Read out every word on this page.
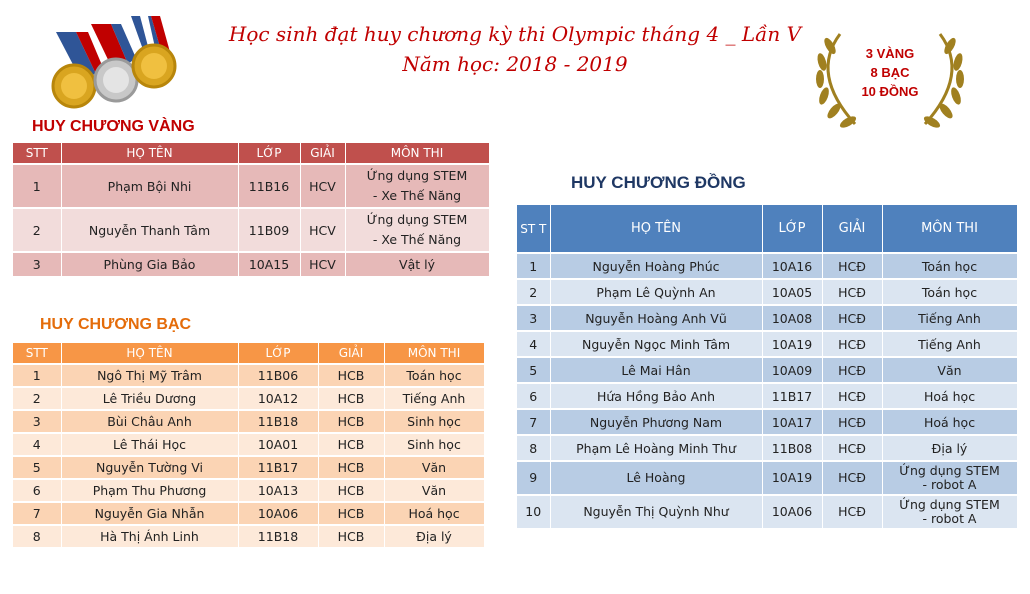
Học sinh đạt huy chương kỳ thi Olympic tháng 4 _ Lần V
Năm học: 2018 - 2019	3 VÀNG
8 BẠC
10 ĐỒNG
HUY CHƯƠNG VÀNG
STT	HỌ TÊN	LỚP	GIẢI	MÔN THI
1	Phạm Bội Nhi	11B16	HCV	Ứng dụng STEM
- Xe Thế Năng

2	Nguyễn Thanh Tâm	11B09	HCV	Ứng dụng STEM
- Xe Thế Năng

3	Phùng Gia Bảo	10A15	HCV	Vật lý
HUY CHƯƠNG BẠC
STT	HỌ TÊN	LỚP	GIẢI	MÔN THI
1	Ngô Thị Mỹ Trâm	11B06	HCB	Toán học
2	Lê Triều Dương	10A12	HCB	Tiếng Anh
3	Bùi Châu Anh	11B18	HCB	Sinh học
4	Lê Thái Học	10A01	HCB	Sinh học
5	Nguyễn Tường Vi	11B17	HCB	Văn
6	Phạm Thu Phương	10A13	HCB	Văn
7	Nguyễn Gia Nhẫn	10A06	HCB	Hoá học
8	Hà Thị Ánh Linh	11B18	HCB	Địa lý
HUY CHƯƠNG ĐỒNG
ST T	HỌ TÊN	LỚP	GIẢI	MÔN THI
1	Nguyễn Hoàng Phúc	10A16	HCĐ	Toán học
2	Phạm Lê Quỳnh An	10A05	HCĐ	Toán học
3	Nguyễn Hoàng Anh Vũ	10A08	HCĐ	Tiếng Anh
4	Nguyễn Ngọc Minh Tâm	10A19	HCĐ	Tiếng Anh
5	Lê Mai Hân	10A09	HCĐ	Văn
6	Hứa Hồng Bảo Anh	11B17	HCĐ	Hoá học
7	Nguyễn Phương Nam	10A17	HCĐ	Hoá học
8	Phạm Lê Hoàng Minh Thư	11B08	HCĐ	Địa lý
9	Lê Hoàng	10A19	HCĐ	Ứng dụng STEM
- robot A

10	Nguyễn Thị Quỳnh Như	10A06	HCĐ	Ứng dụng STEM
- robot A
